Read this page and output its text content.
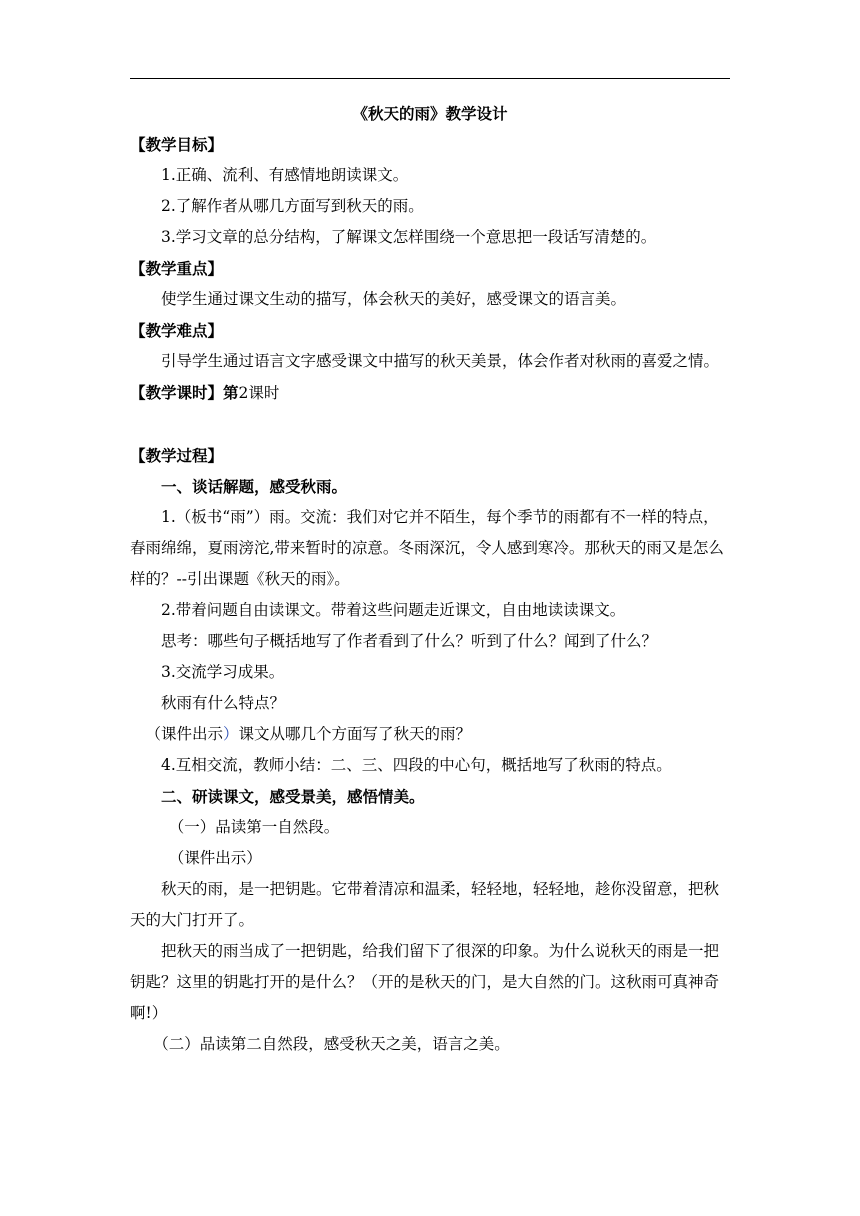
《秋天的雨》教学设计

【教学目标】

1.正确、流利、有感情地朗读课文。

2.了解作者从哪几方面写到秋天的雨。

3.学习文章的总分结构，了解课文怎样围绕一个意思把一段话写清楚的。

【教学重点】

使学生通过课文生动的描写，体会秋天的美好，感受课文的语言美。

【教学难点】

引导学生通过语言文字感受课文中描写的秋天美景，体会作者对秋雨的喜爱之情。

【教学课时】第2课时

【教学过程】

一、谈话解题，感受秋雨。

1.（板书“雨”）雨。交流：我们对它并不陌生，每个季节的雨都有不一样的特点，春雨绵绵，夏雨滂沱,带来暂时的凉意。冬雨深沉，令人感到寒冷。那秋天的雨又是怎么样的？--引出课题《秋天的雨》。

2.带着问题自由读课文。带着这些问题走近课文，自由地读读课文。

思考：哪些句子概括地写了作者看到了什么？听到了什么？闻到了什么？

3.交流学习成果。

秋雨有什么特点？

（课件出示）课文从哪几个方面写了秋天的雨？

4.互相交流，教师小结：二、三、四段的中心句，概括地写了秋雨的特点。

二、研读课文，感受景美，感悟情美。

（一）品读第一自然段。

（课件出示）

秋天的雨，是一把钥匙。它带着清凉和温柔，轻轻地，轻轻地，趁你没留意，把秋天的大门打开了。

把秋天的雨当成了一把钥匙，给我们留下了很深的印象。为什么说秋天的雨是一把钥匙？这里的钥匙打开的是什么？（开的是秋天的门，是大自然的门。这秋雨可真神奇啊!）

（二）品读第二自然段，感受秋天之美，语言之美。
